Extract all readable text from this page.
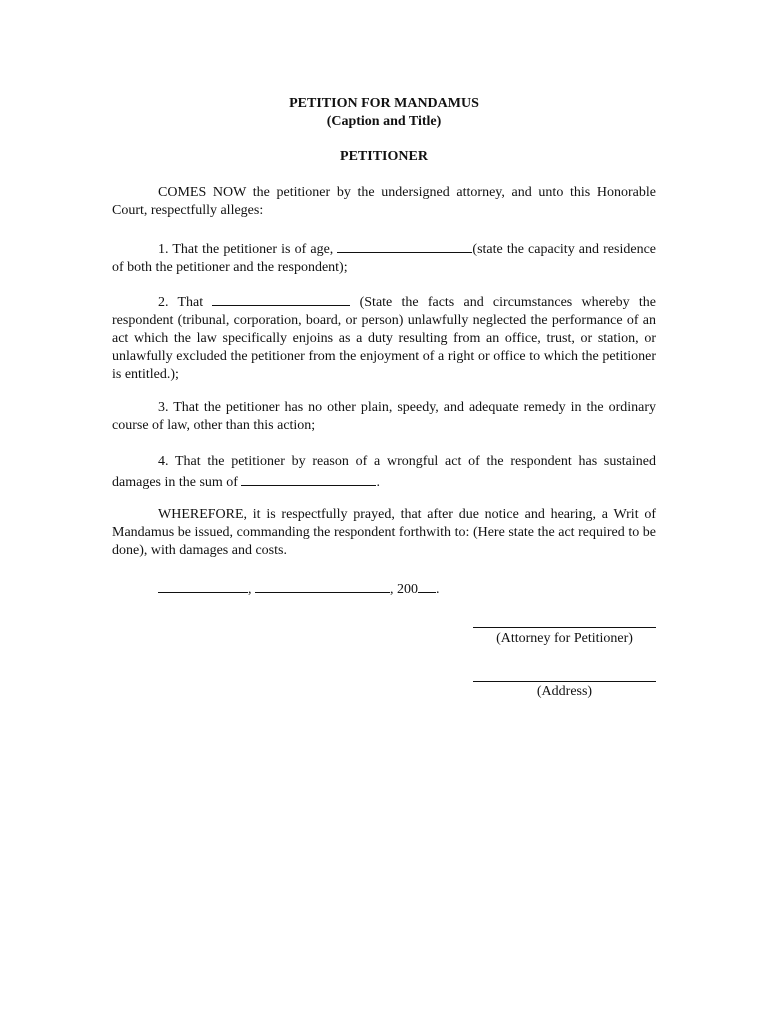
PETITION FOR MANDAMUS
(Caption and Title)
PETITIONER

COMES NOW the petitioner by the undersigned attorney, and unto this Honorable Court, respectfully alleges:

1. That the petitioner is of age,	(state the capacity and residence of both the petitioner and the respondent);

2. That	(State the facts and circumstances whereby the respondent (tribunal, corporation, board, or person) unlawfully neglected the performance of an act which the law specifically enjoins as a duty resulting from an office, trust, or station, or unlawfully excluded the petitioner from the enjoyment of a right or office to which the petitioner is entitled.);

3. That the petitioner has no other plain, speedy, and adequate remedy in the ordinary course of law, other than this action;

4. That the petitioner by reason of a wrongful act of the respondent has sustained damages in the sum of	.

WHEREFORE, it is respectfully prayed, that after due notice and hearing, a Writ of Mandamus be issued, commanding the respondent forthwith to: (Here state the act required to be done), with damages and costs.

,	, 200 .

(Attorney for Petitioner)
(Address)
